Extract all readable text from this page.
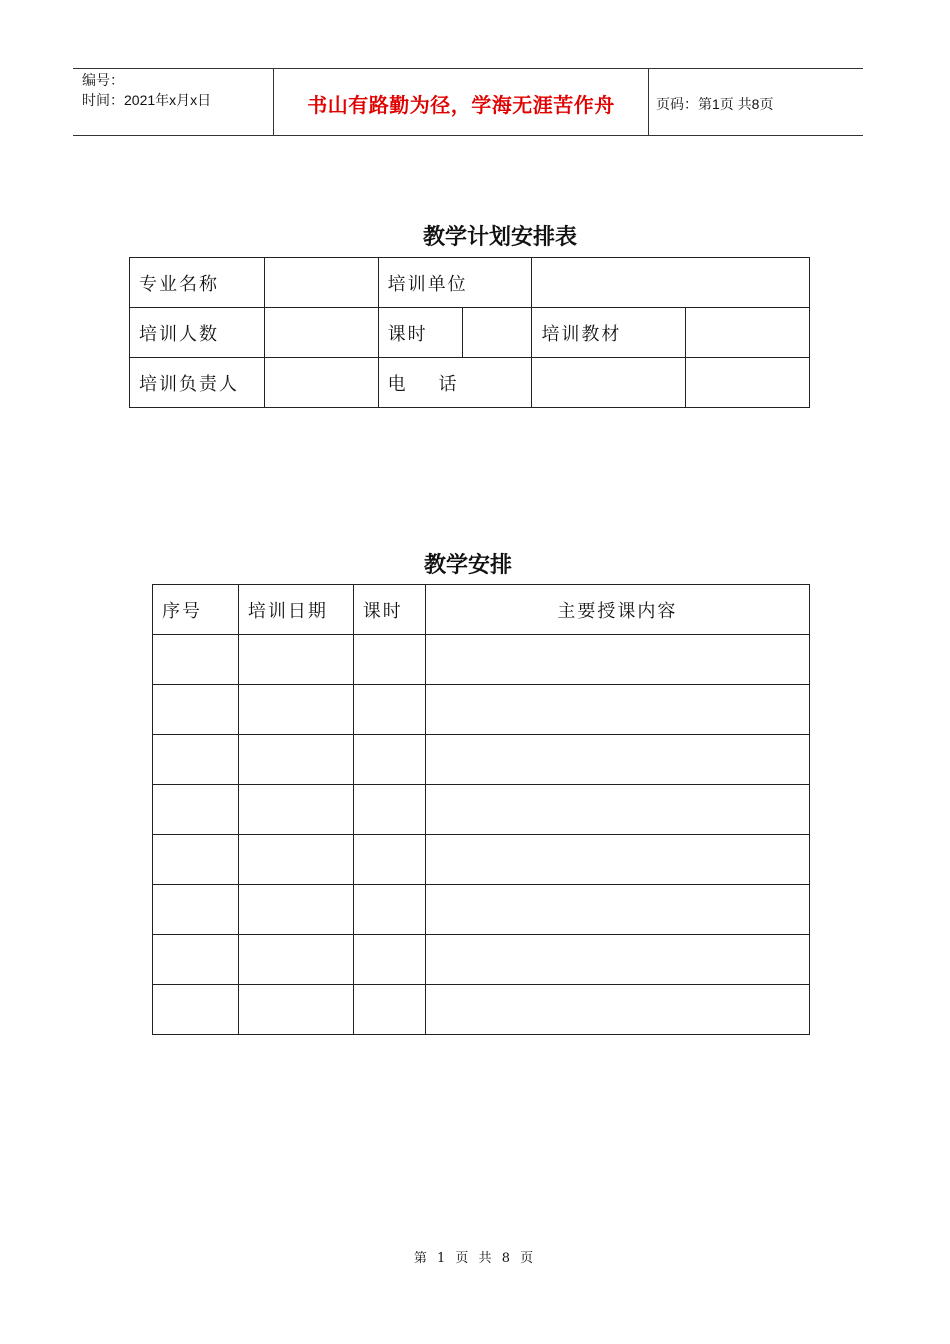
编号：
时间：2021年x月x日	书山有路勤为径，学海无涯苦作舟	页码：第1页 共8页
教学计划安排表
专业名称		培训单位			
培训人数		课时		培训教材	
培训负责人		电    话			
教学安排
序号	培训日期	课时	主要授课内容

第 1 页 共 8 页
